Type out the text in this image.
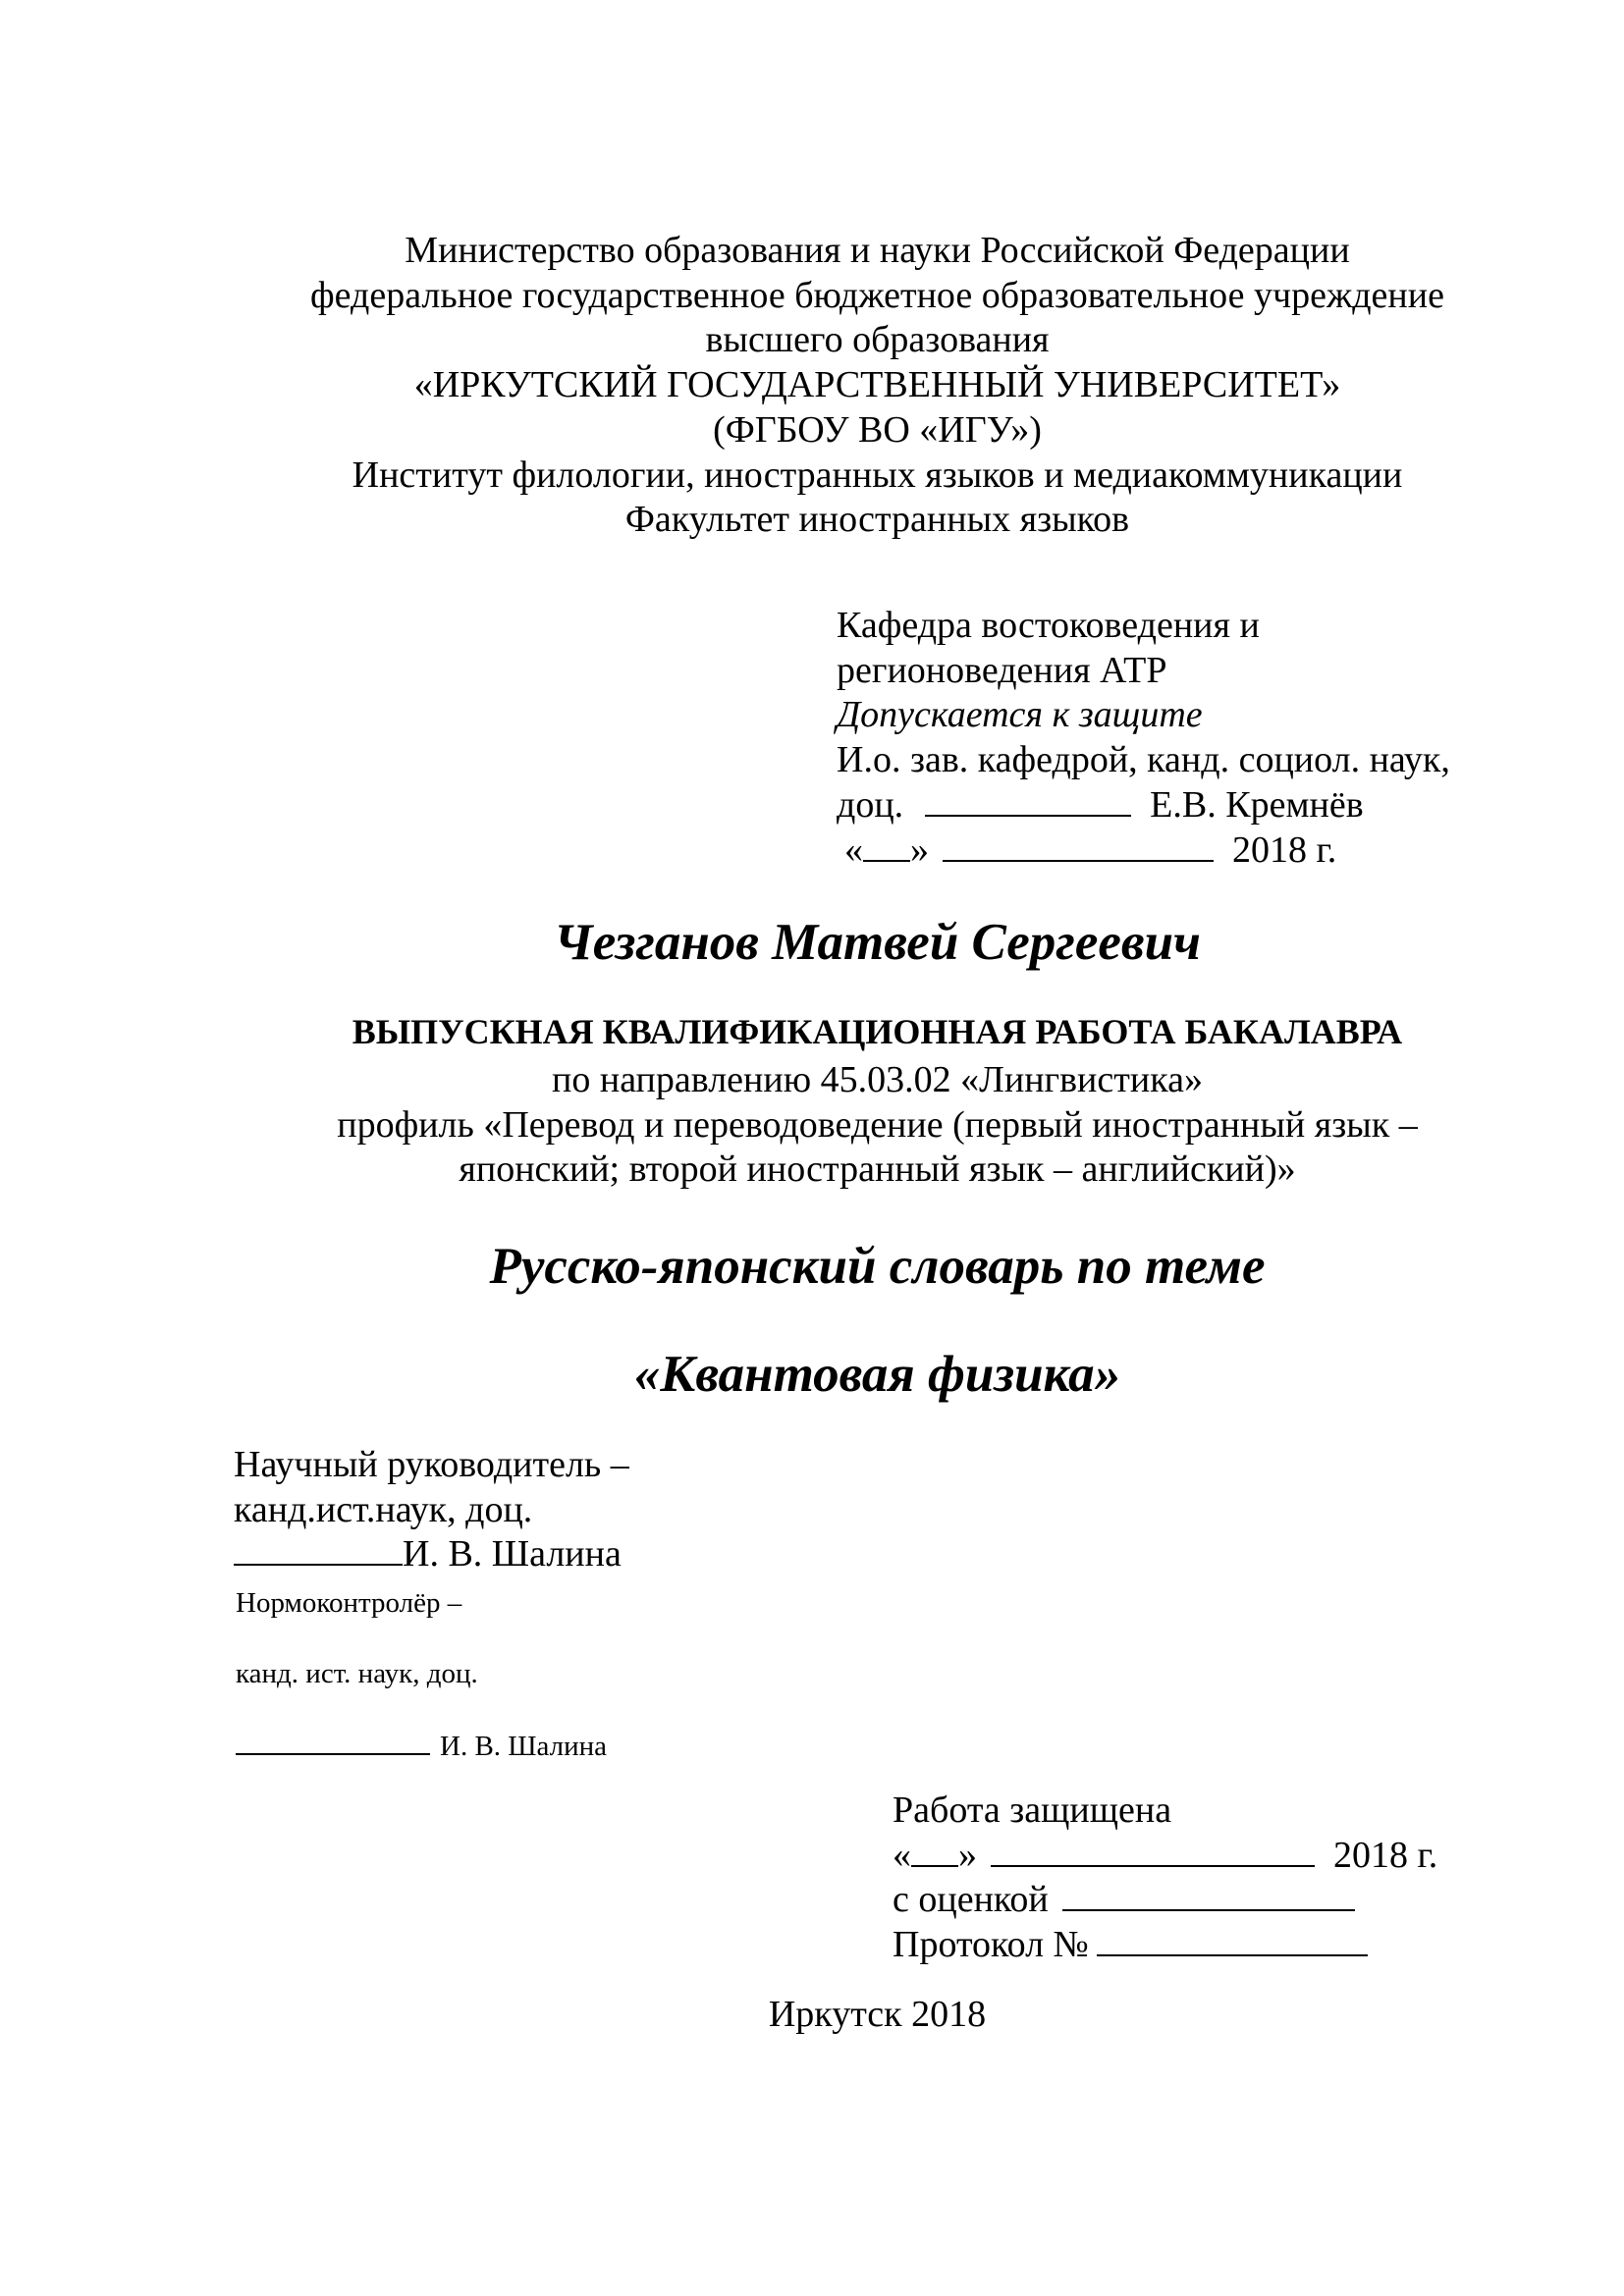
Министерство образования и науки Российской Федерации
федеральное государственное бюджетное образовательное учреждение
высшего образования
«ИРКУТСКИЙ ГОСУДАРСТВЕННЫЙ УНИВЕРСИТЕТ»
(ФГБОУ ВО «ИГУ»)
Институт филологии, иностранных языков и медиакоммуникации
Факультет иностранных языков
Кафедра востоковедения и
регионоведения АТР
Допускается к защите
И.о. зав. кафедрой, канд. социол. наук,
доц.	Е.В. Кремнёв
« »	2018 г.
Чезганов Матвей Сергеевич
ВЫПУСКНАЯ КВАЛИФИКАЦИОННАЯ РАБОТА БАКАЛАВРА
по направлению 45.03.02 «Лингвистика»
профиль «Перевод и переводоведение (первый иностранный язык –
японский; второй иностранный язык – английский)»
Русско-японский словарь по теме
«Квантовая физика»
Научный руководитель –
канд.ист.наук, доц.
И. В. Шалина
Нормоконтролёр –
канд. ист. наук, доц.
И. В. Шалина
Работа защищена
« »	2018 г.
с оценкой
Протокол №
Иркутск 2018
